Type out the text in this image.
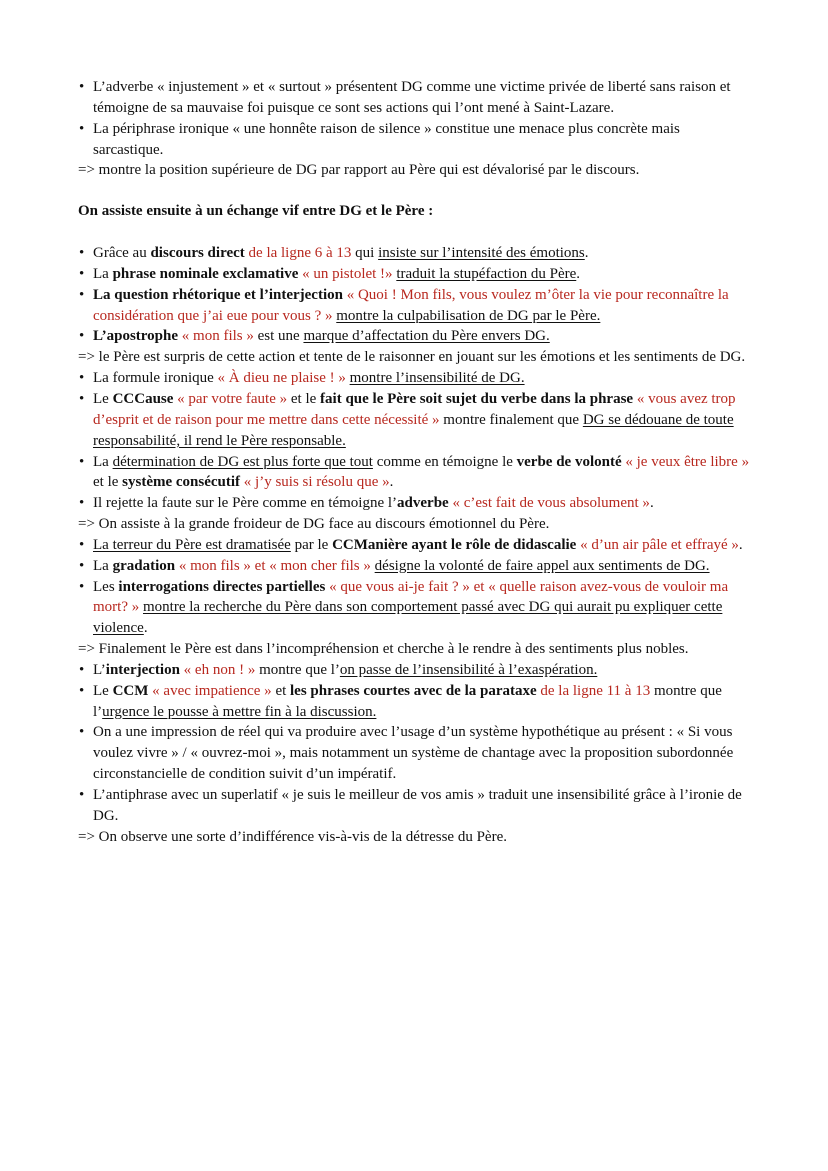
• L’adverbe « injustement » et « surtout » présentent DG comme une victime privée de liberté sans raison et témoigne de sa mauvaise foi puisque ce sont ses actions qui l’ont mené à Saint-Lazare.
• La périphrase ironique « une honnête raison de silence » constitue une menace plus concrète mais sarcastique.
=> montre la position supérieure de DG par rapport au Père qui est dévalorisé par le discours.
On assiste ensuite à un échange vif entre DG et le Père :
• Grâce au discours direct de la ligne 6 à 13 qui insiste sur l’intensité des émotions.
• La phrase nominale exclamative « un pistolet !» traduit la stupéfaction du Père.
• La question rhétorique et l’interjection « Quoi ! Mon fils, vous voulez m’ôter la vie pour reconnaître la considération que j’ai eue pour vous ? » montre la culpabilisation de DG par le Père.
• L’apostrophe « mon fils » est une marque d’affectation du Père envers DG.
=> le Père est surpris de cette action et tente de le raisonner en jouant sur les émotions et les sentiments de DG.
• La formule ironique « À dieu ne plaise ! » montre l’insensibilité de DG.
• Le CCCause « par votre faute » et le fait que le Père soit sujet du verbe dans la phrase « vous avez trop d’esprit et de raison pour me mettre dans cette nécessité » montre finalement que DG se dédouane de toute responsabilité, il rend le Père responsable.
• La détermination de DG est plus forte que tout comme en témoigne le verbe de volonté « je veux être libre » et le système consécutif « j’y suis si résolu que ».
• Il rejette la faute sur le Père comme en témoigne l’adverbe « c’est fait de vous absolument ».
=> On assiste à la grande froideur de DG face au discours émotionnel du Père.
• La terreur du Père est dramatisée par le CCManière ayant le rôle de didascalie « d’un air pâle et effrayé ».
• La gradation « mon fils » et « mon cher fils » désigne la volonté de faire appel aux sentiments de DG.
• Les interrogations directes partielles « que vous ai-je fait ? » et « quelle raison avez-vous de vouloir ma mort? » montre la recherche du Père dans son comportement passé avec DG qui aurait pu expliquer cette violence.
=> Finalement le Père est dans l’incompréhension et cherche à le rendre à des sentiments plus nobles.
• L’interjection « eh non ! » montre que l’on passe de l’insensibilité à l’exaspération.
• Le CCM « avec impatience » et les phrases courtes avec de la parataxe de la ligne 11 à 13 montre que l’urgence le pousse à mettre fin à la discussion.
• On a une impression de réel qui va produire avec l’usage d’un système hypothétique au présent : « Si vous voulez vivre » / « ouvrez-moi », mais notamment un système de chantage avec la proposition subordonnée circonstancielle de condition suivit d’un impératif.
• L’antiphrase avec un superlatif « je suis le meilleur de vos amis » traduit une insensibilité grâce à l’ironie de DG.
=> On observe une sorte d’indifférence vis-à-vis de la détresse du Père.
